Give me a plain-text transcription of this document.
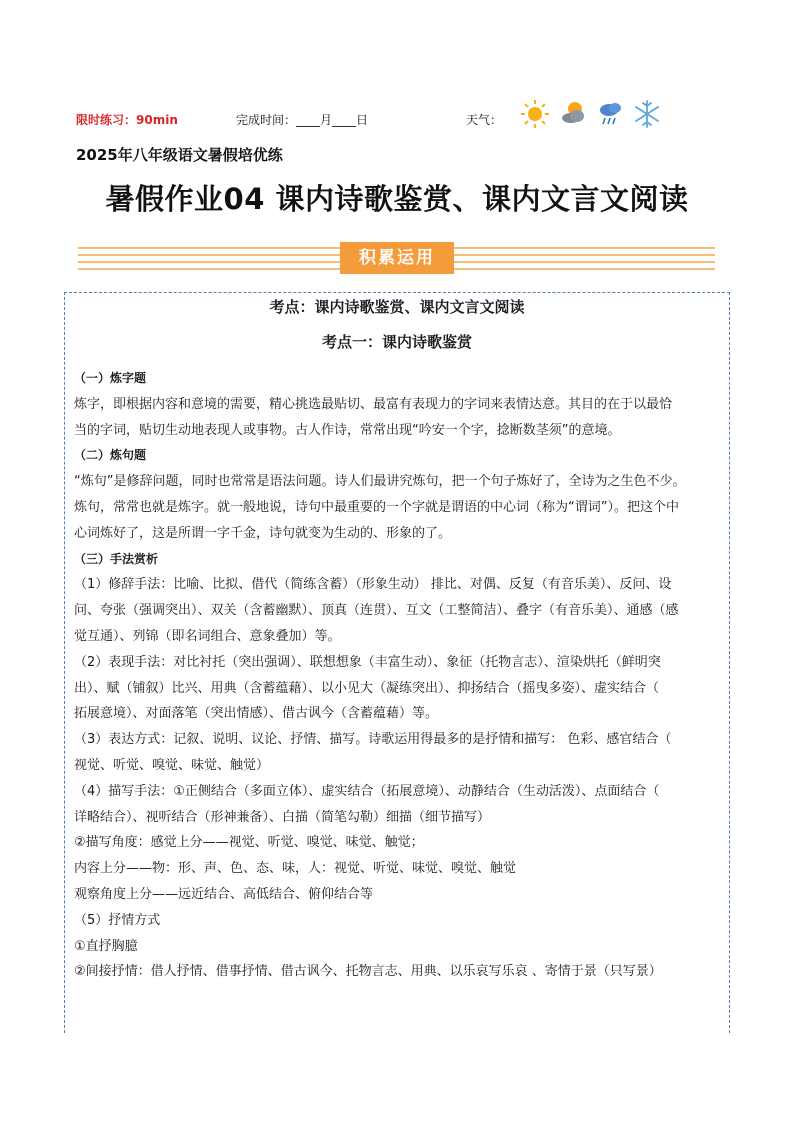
限时练习：90min	完成时间：____月____日	天气：
2025年八年级语文暑假培优练
暑假作业04 课内诗歌鉴赏、课内文言文阅读
积累运用
考点：课内诗歌鉴赏、课内文言文阅读
考点一：课内诗歌鉴赏

（一）炼字题

炼字，即根据内容和意境的需要，精心挑选最贴切、最富有表现力的字词来表情达意。其目的在于以最恰

当的字词，贴切生动地表现人或事物。古人作诗，常常出现“吟安一个字，捻断数茎须”的意境。

（二）炼句题

“炼句”是修辞问题，同时也常常是语法问题。诗人们最讲究炼句，把一个句子炼好了，全诗为之生色不少。

炼句，常常也就是炼字。就一般地说，诗句中最重要的一个字就是谓语的中心词（称为“谓词”）。把这个中

心词炼好了，这是所谓一字千金，诗句就变为生动的、形象的了。

（三）手法赏析

（1）修辞手法：比喻、比拟、借代（简练含蓄）（形象生动） 排比、对偶、反复（有音乐美）、反问、设

问、夸张（强调突出）、双关（含蓄幽默）、顶真（连贯）、互文（工整简洁）、叠字（有音乐美）、通感（感

觉互通）、列锦（即名词组合、意象叠加）等。

（2）表现手法：对比衬托（突出强调）、联想想象（丰富生动）、象征（托物言志）、渲染烘托（鲜明突

出）、赋（铺叙）比兴、用典（含蓄蕴藉）、以小见大（凝练突出）、抑扬结合（摇曳多姿）、虚实结合（

拓展意境）、对面落笔（突出情感）、借古讽今（含蓄蕴藉）等。

（3）表达方式：记叙、说明、议论、抒情、描写。诗歌运用得最多的是抒情和描写： 色彩、感官结合（

视觉、听觉、嗅觉、味觉、触觉）

（4）描写手法：①正侧结合（多面立体）、虚实结合（拓展意境）、动静结合（生动活泼）、点面结合（

详略结合）、视听结合（形神兼备）、白描（简笔勾勒）细描（细节描写）

②描写角度：感觉上分——视觉、听觉、嗅觉、味觉、触觉；

内容上分——物：形、声、色、态、味，人：视觉、听觉、味觉、嗅觉、触觉

观察角度上分——远近结合、高低结合、俯仰结合等

（5）抒情方式

①直抒胸臆

②间接抒情：借人抒情、借事抒情、借古讽今、托物言志、用典、以乐哀写乐哀 、寄情于景（只写景）
